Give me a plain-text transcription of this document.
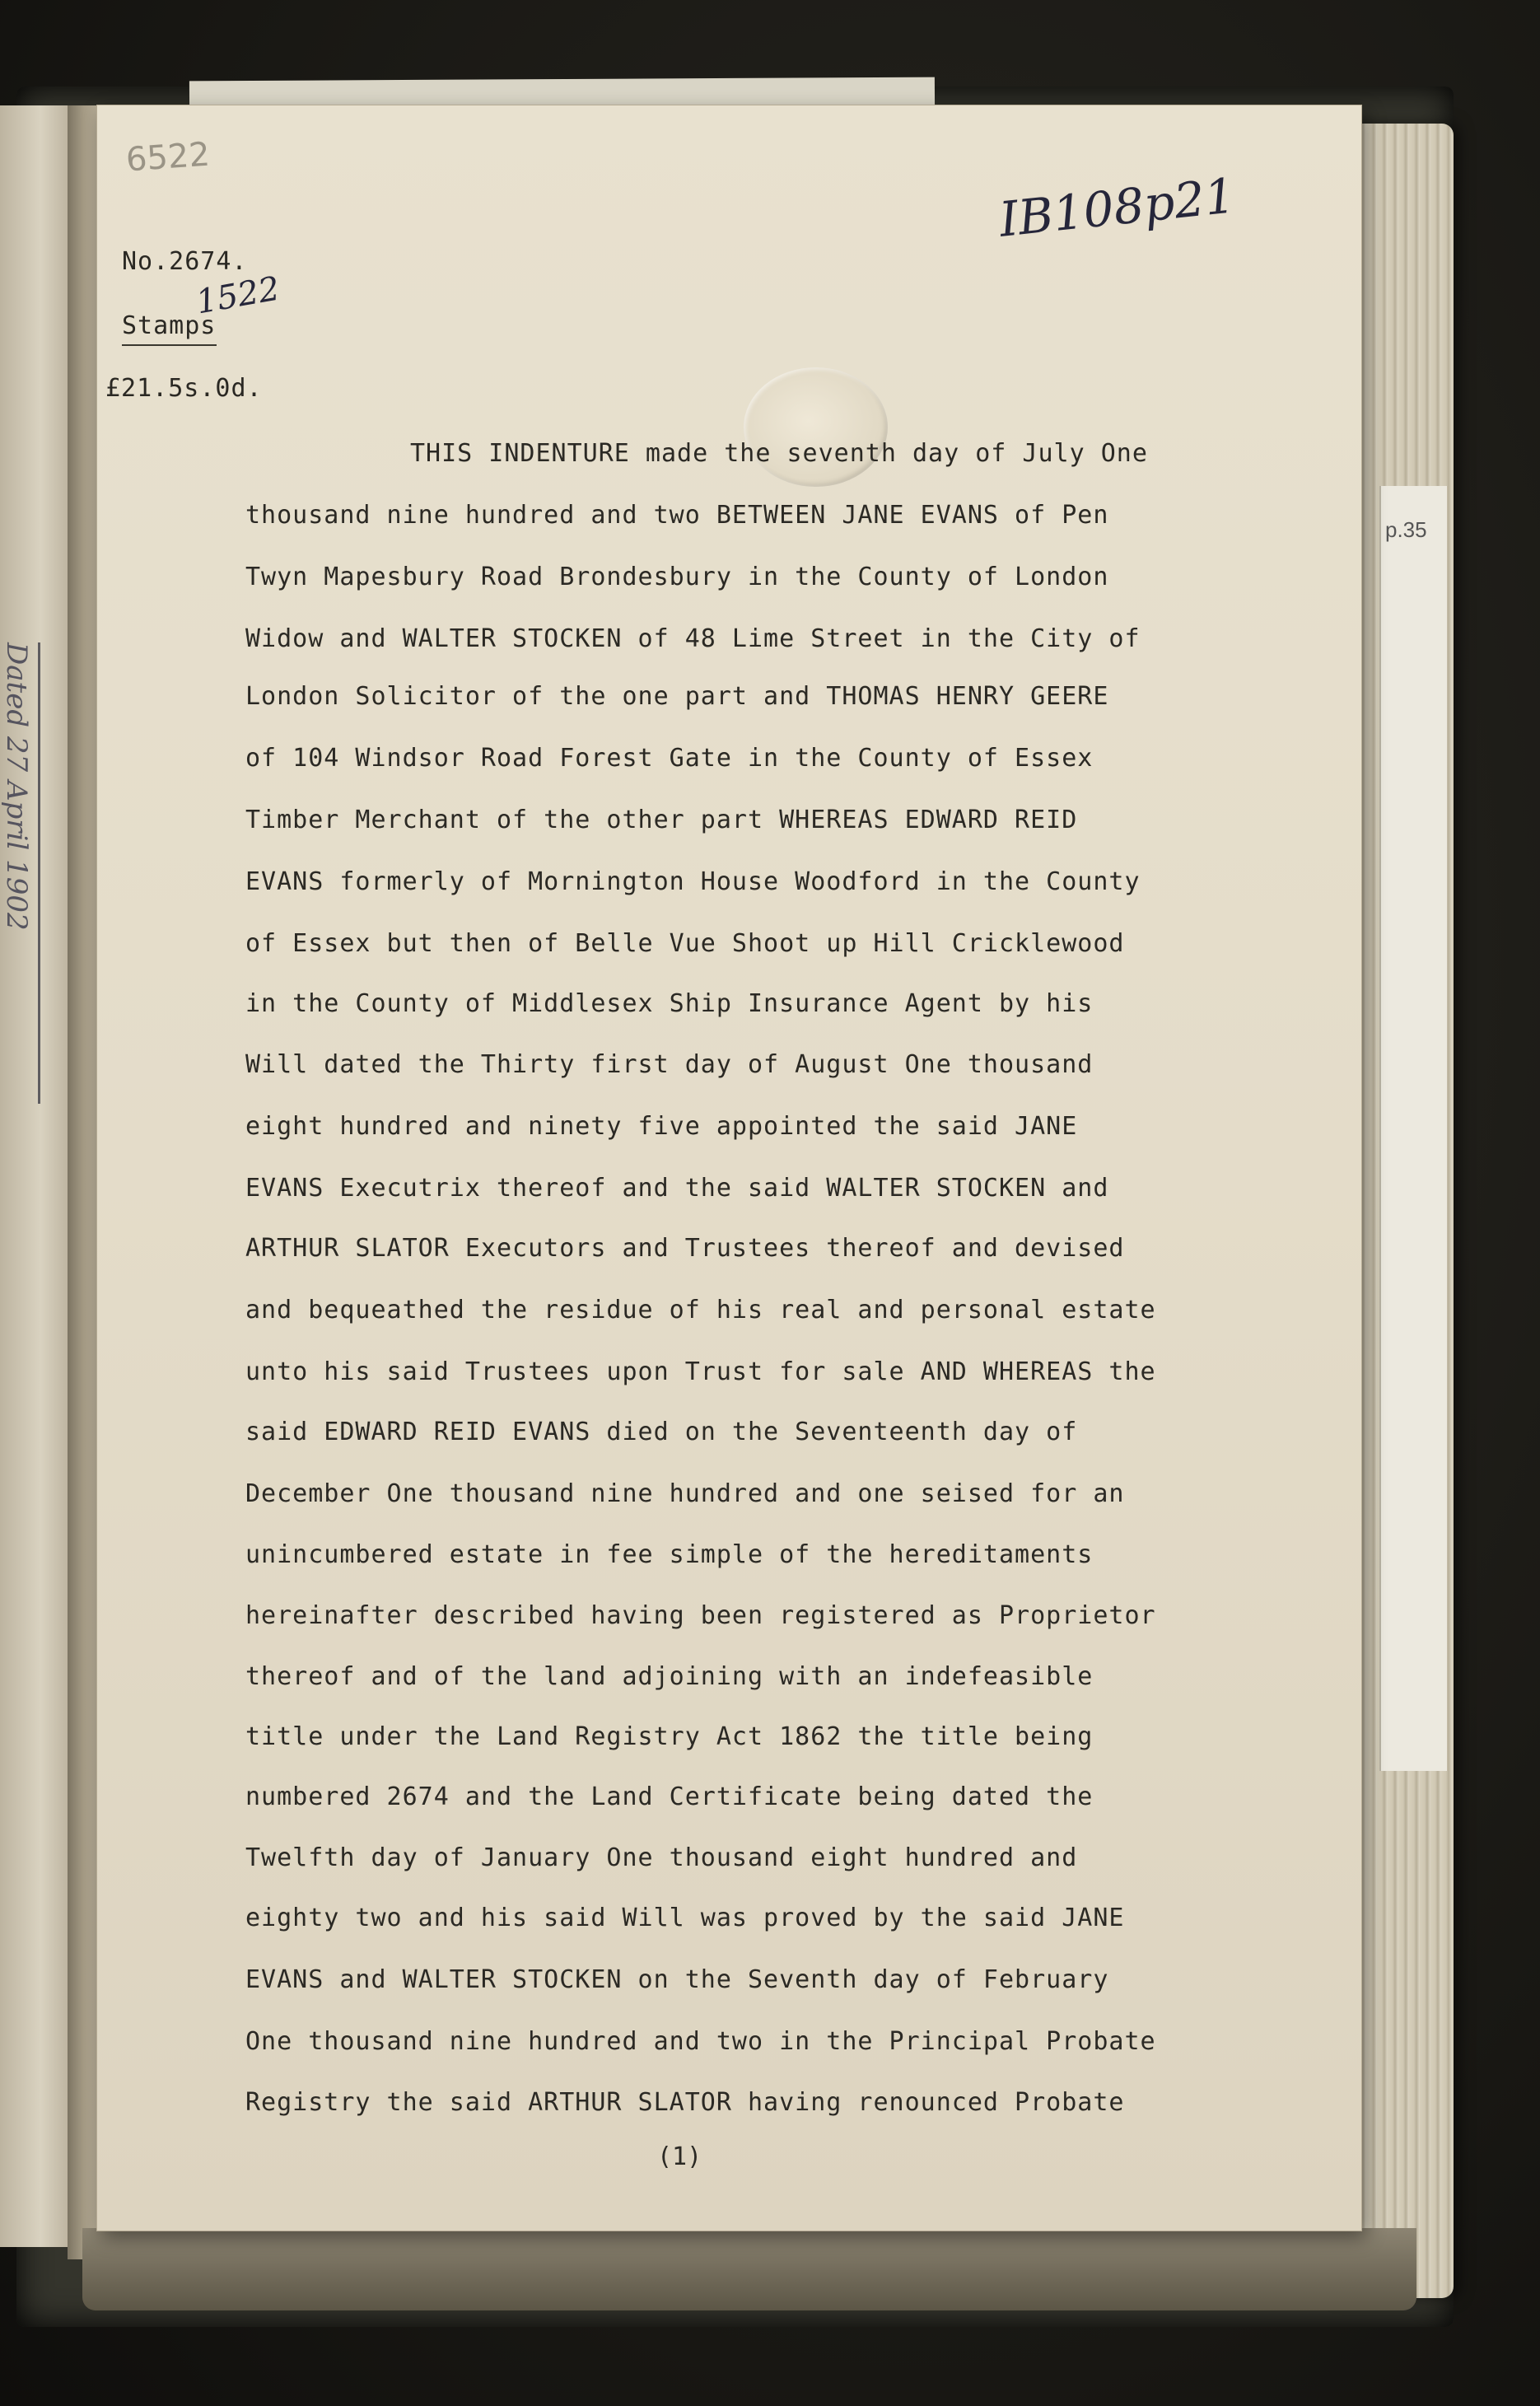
Dated 27 April 1902
p.35
6522
IB108p21
No.2674.
Stamps
1522
£21.5s.0d.
THIS INDENTURE made the seventh day of July One
thousand nine hundred and two BETWEEN JANE EVANS of Pen
Twyn Mapesbury Road Brondesbury in the County of London
Widow and WALTER STOCKEN of 48 Lime Street in the City of
London Solicitor of the one part and THOMAS HENRY GEERE
of 104 Windsor Road Forest Gate in the County of Essex
Timber Merchant of the other part WHEREAS EDWARD REID
EVANS formerly of Mornington House Woodford in the County
of Essex but then of Belle Vue Shoot up Hill Cricklewood
in the County of Middlesex Ship Insurance Agent by his
Will dated the Thirty first day of August One thousand
eight hundred and ninety five appointed the said JANE
EVANS Executrix thereof and the said WALTER STOCKEN and
ARTHUR SLATOR Executors and Trustees thereof and devised
and bequeathed the residue of his real and personal estate
unto his said Trustees upon Trust for sale AND WHEREAS the
said EDWARD REID EVANS died on the Seventeenth day of
December One thousand nine hundred and one seised for an
unincumbered estate in fee simple of the hereditaments
hereinafter described having been registered as Proprietor
thereof and of the land adjoining with an indefeasible
title under the Land Registry Act 1862 the title being
numbered 2674 and the Land Certificate being dated the
Twelfth day of January One thousand eight hundred and
eighty two and his said Will was proved by the said JANE
EVANS and WALTER STOCKEN on the Seventh day of February
One thousand nine hundred and two in the Principal Probate
Registry the said ARTHUR SLATOR having renounced Probate
(1)
